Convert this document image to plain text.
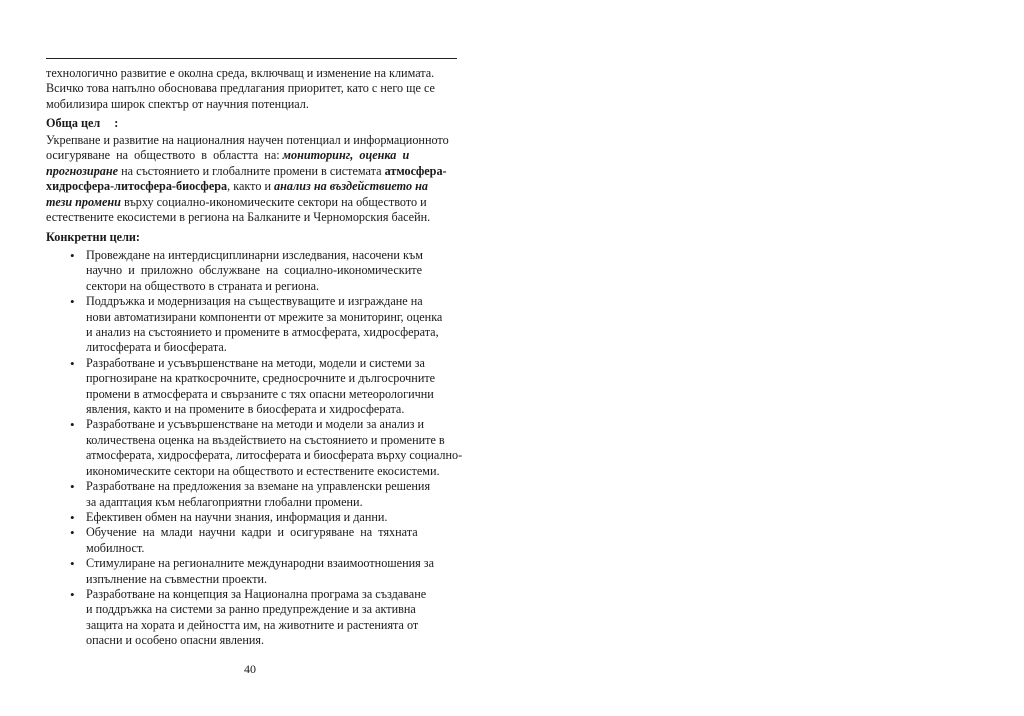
технологично развитие е околна среда, включващ и изменение на климата.
Всичко това напълно обосновава предлагания приоритет, като с него ще се
мобилизира широк спектър от научния потенциал.
Обща цел :
Укрепване и развитие на националния научен потенциал и информационното
осигуряване  на  обществото  в  областта  на: мониторинг,  оценка  и
прогнозиране на състоянието и глобалните промени в системата атмосфера-
хидросфера-литосфера-биосфера, както и анализ на въздействието на
тези промени върху социално-икономическите сектори на обществото и
естествените екосистеми в региона на Балканите и Черноморския басейн.
Конкретни цели:
• Провеждане на интердисциплинарни изследвания, насочени към
научно  и  приложно  обслужване  на  социално-икономическите
сектори на обществото в страната и региона.
• Поддръжка и модернизация на съществуващите и изграждане на
нови автоматизирани компоненти от мрежите за мониторинг, оценка
и анализ на състоянието и промените в атмосферата, хидросферата,
литосферата и биосферата.
• Разработване и усъвършенстване на методи, модели и системи за
прогнозиране на краткосрочните, средносрочните и дългосрочните
промени в атмосферата и свързаните с тях опасни метеорологични
явления, както и на промените в биосферата и хидросферата.
• Разработване и усъвършенстване на методи и модели за анализ и
количествена оценка на въздействието на състоянието и промените в
атмосферата, хидросферата, литосферата и биосферата върху социално-
икономическите сектори на обществото и естествените екосистеми.
• Разработване на предложения за вземане на управленски решения
за адаптация към неблагоприятни глобални промени.
• Ефективен обмен на научни знания, информация и данни.
• Обучение  на  млади  научни  кадри  и  осигуряване  на  тяхната
мобилност.
• Стимулиране на регионалните международни взаимоотношения за
изпълнение на съвместни проекти.
• Разработване на концепция за Национална програма за създаване
и поддръжка на системи за ранно предупреждение и за активна
защита на хората и дейността им, на животните и растенията от
опасни и особено опасни явления.
40
